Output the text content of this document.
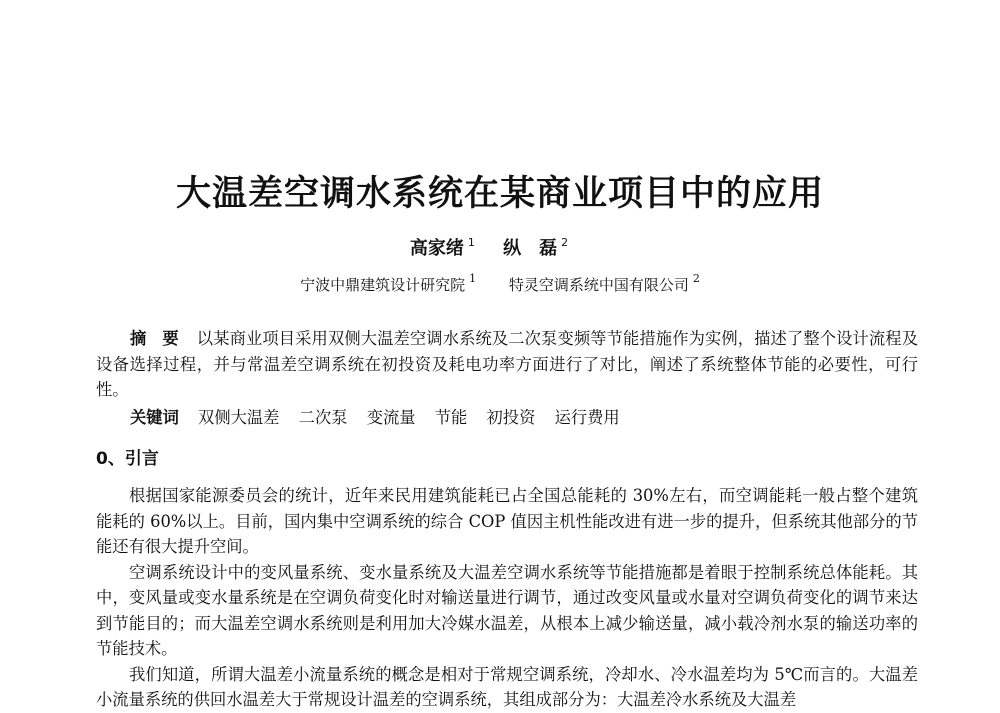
大温差空调水系统在某商业项目中的应用
高家绪 $^1$ 纵　磊 $^2$
宁波中鼎建筑设计研究院 $^1$ 特灵空调系统中国有限公司 $^2$
摘要 以某商业项目采用双侧大温差空调水系统及二次泵变频等节能措施作为实例，描述了整个设计流程及设备选择过程，并与常温差空调系统在初投资及耗电功率方面进行了对比，阐述了系统整体节能的必要性，可行性。
关键词 双侧大温差 二次泵 变流量 节能 初投资 运行费用
0、引言

根据国家能源委员会的统计，近年来民用建筑能耗已占全国总能耗的 30%左右，而空调能耗一般占整个建筑能耗的 60%以上。目前，国内集中空调系统的综合 COP 值因主机性能改进有进一步的提升，但系统其他部分的节能还有很大提升空间。

空调系统设计中的变风量系统、变水量系统及大温差空调水系统等节能措施都是着眼于控制系统总体能耗。其中，变风量或变水量系统是在空调负荷变化时对输送量进行调节，通过改变风量或水量对空调负荷变化的调节来达到节能目的；而大温差空调水系统则是利用加大冷媒水温差，从根本上减少输送量，减小载冷剂水泵的输送功率的节能技术。

我们知道，所谓大温差小流量系统的概念是相对于常规空调系统，冷却水、冷水温差均为 5℃而言的。大温差小流量系统的供回水温差大于常规设计温差的空调系统，其组成部分为：大温差冷水系统及大温差
